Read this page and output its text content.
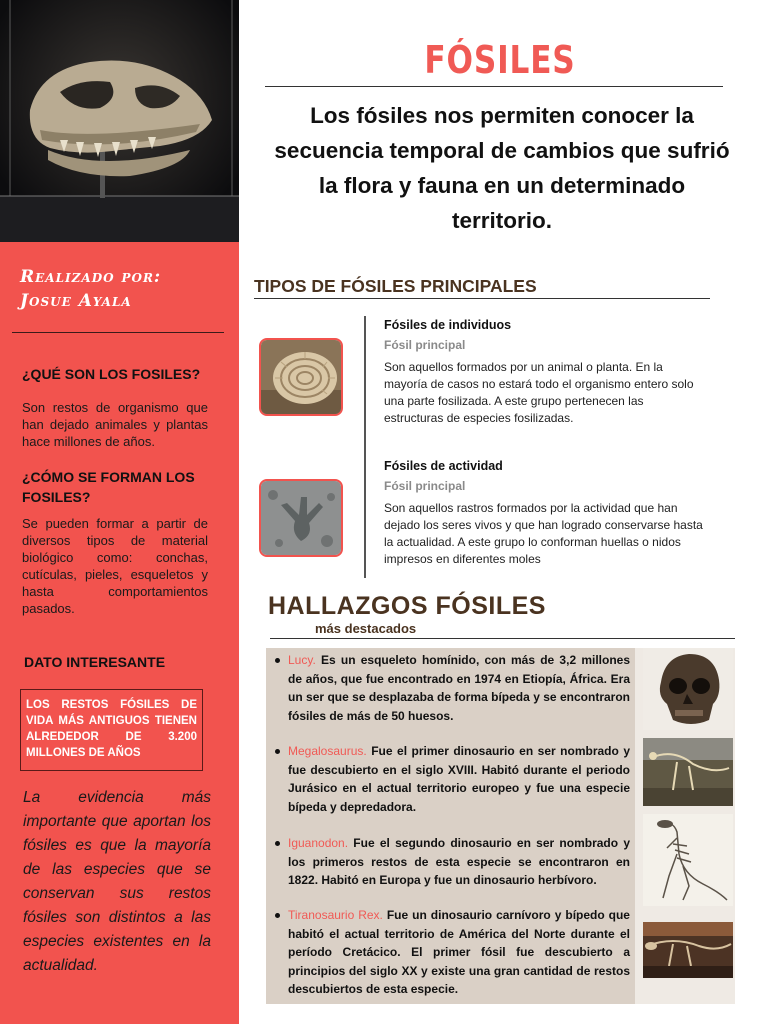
Realizado por:
Josue Ayala
¿QUÉ SON LOS FOSILES?
Son restos de organismo que han dejado animales y plantas hace millones de años.
¿CÓMO SE FORMAN LOS FOSILES?
Se pueden formar a partir de diversos tipos de material biológico como: conchas, cutículas, pieles, esqueletos y hasta comportamientos pasados.
DATO INTERESANTE
LOS RESTOS FÓSILES DE VIDA MÁS ANTIGUOS TIENEN ALREDEDOR DE 3.200 MILLONES DE AÑOS
La evidencia más importante que aportan los fósiles es que la mayoría de las especies que se conservan sus restos fósiles son distintos a las especies existentes en la actualidad.
FÓSILES
Los fósiles nos permiten conocer la secuencia temporal de cambios que sufrió la flora y fauna en un determinado territorio.
TIPOS DE FÓSILES PRINCIPALES
Fósiles de individuos
Fósil principal
Son aquellos formados por un animal o planta. En la mayoría de casos no estará todo el organismo entero solo una parte fosilizada. A este grupo pertenecen las estructuras de especies fosilizadas.
Fósiles de actividad
Fósil principal
Son aquellos rastros formados por la actividad que han dejado los seres vivos y que han logrado conservarse hasta la actualidad. A este grupo lo conforman huellas o nidos impresos en diferentes moles
HALLAZGOS FÓSILES
más destacados
Lucy. Es un esqueleto homínido, con más de 3,2 millones de años, que fue encontrado en 1974 en Etiopía, África. Era un ser que se desplazaba de forma bípeda y se encontraron fósiles de más de 50 huesos.
Megalosaurus. Fue el primer dinosaurio en ser nombrado y fue descubierto en el siglo XVIII. Habitó durante el periodo Jurásico en el actual territorio europeo y fue una especie bípeda y depredadora.
Iguanodon. Fue el segundo dinosaurio en ser nombrado y los primeros restos de esta especie se encontraron en 1822. Habitó en Europa y fue un dinosaurio herbívoro.
Tiranosaurio Rex. Fue un dinosaurio carnívoro y bípedo que habitó el actual territorio de América del Norte durante el período Cretácico. El primer fósil fue descubierto a principios del siglo XX y existe una gran cantidad de restos descubiertos de esta especie.
